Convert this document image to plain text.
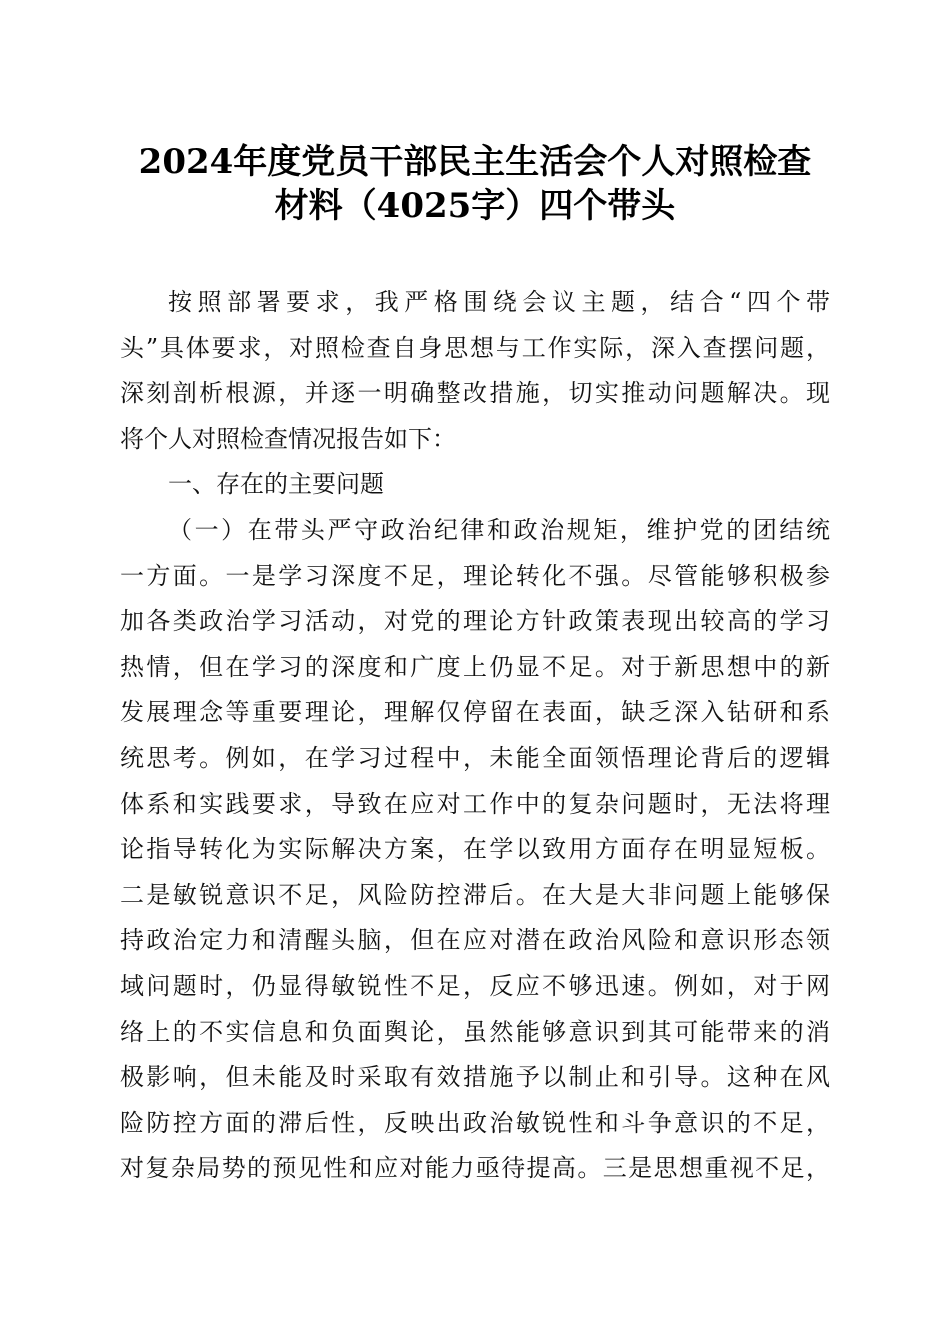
2024年度党员干部民主生活会个人对照检查
材料（4025字）四个带头
按照部署要求，我严格围绕会议主题，结合“四个带
头”具体要求，对照检查自身思想与工作实际，深入查摆问题，
深刻剖析根源，并逐一明确整改措施，切实推动问题解决。现
将个人对照检查情况报告如下：
一、存在的主要问题
（一）在带头严守政治纪律和政治规矩，维护党的团结统
一方面。一是学习深度不足，理论转化不强。尽管能够积极参
加各类政治学习活动，对党的理论方针政策表现出较高的学习
热情，但在学习的深度和广度上仍显不足。对于新思想中的新
发展理念等重要理论，理解仅停留在表面，缺乏深入钻研和系
统思考。例如，在学习过程中，未能全面领悟理论背后的逻辑
体系和实践要求，导致在应对工作中的复杂问题时，无法将理
论指导转化为实际解决方案，在学以致用方面存在明显短板。
二是敏锐意识不足，风险防控滞后。在大是大非问题上能够保
持政治定力和清醒头脑，但在应对潜在政治风险和意识形态领
域问题时，仍显得敏锐性不足，反应不够迅速。例如，对于网
络上的不实信息和负面舆论，虽然能够意识到其可能带来的消
极影响，但未能及时采取有效措施予以制止和引导。这种在风
险防控方面的滞后性，反映出政治敏锐性和斗争意识的不足，
对复杂局势的预见性和应对能力亟待提高。三是思想重视不足，
